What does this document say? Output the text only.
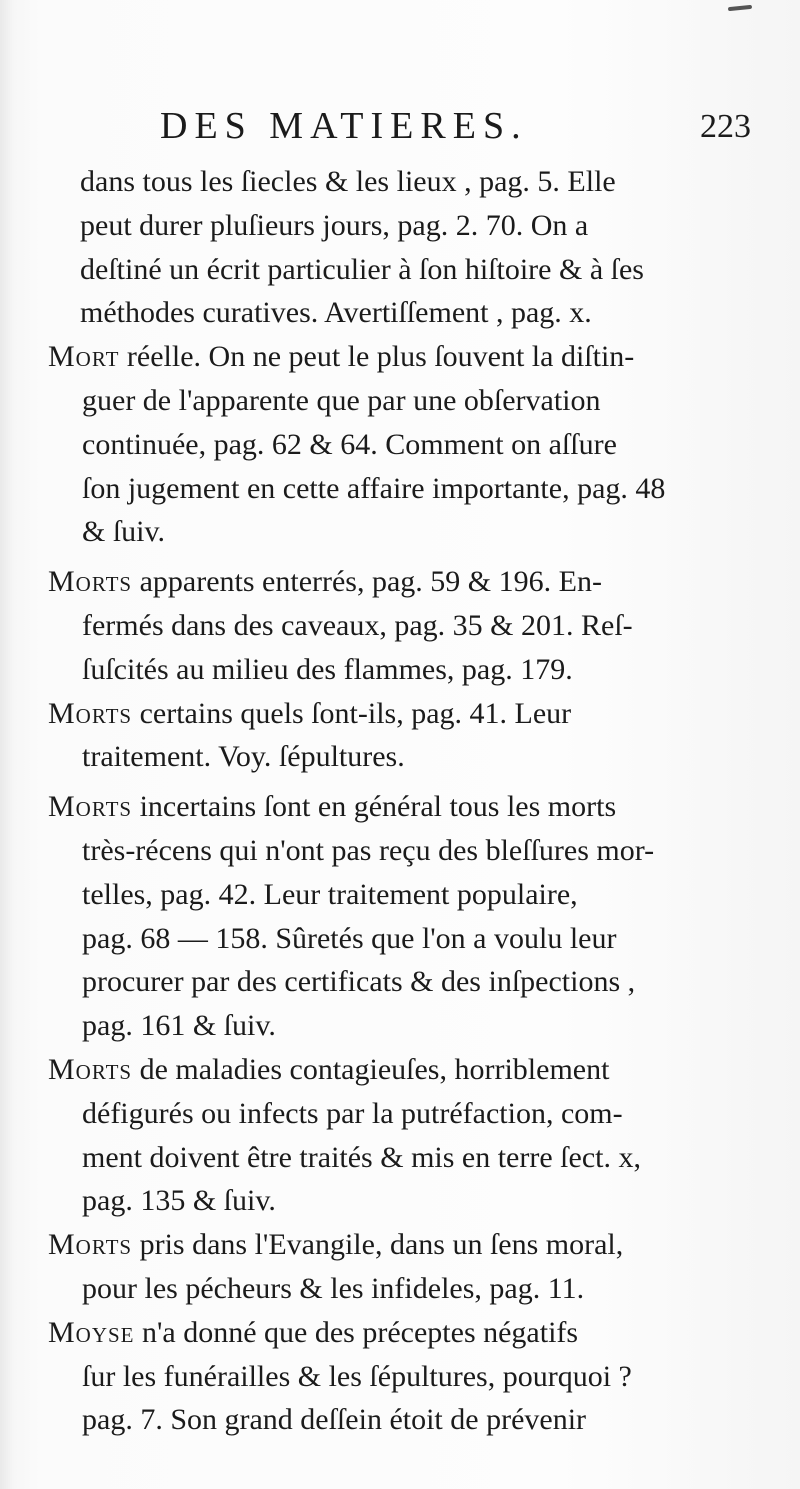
DES MATIERES.	223
dans tous les ſiecles & les lieux , pag. 5. Elle
peut durer pluſieurs jours, pag. 2. 70. On a
deſtiné un écrit particulier à ſon hiſtoire & à ſes
méthodes curatives. Avertiſſement , pag. x.
Mort réelle. On ne peut le plus ſouvent la diſtin-
guer de l'apparente que par une obſervation
continuée, pag. 62 & 64. Comment on aſſure
ſon jugement en cette affaire importante, pag. 48
& ſuiv.
Morts apparents enterrés, pag. 59 & 196. En-
fermés dans des caveaux, pag. 35 & 201. Reſ-
ſuſcités au milieu des flammes, pag. 179.
Morts certains quels ſont-ils, pag. 41. Leur
traitement. Voy. ſépultures.
Morts incertains ſont en général tous les morts
très-récens qui n'ont pas reçu des bleſſures mor-
telles, pag. 42. Leur traitement populaire,
pag. 68 — 158. Sûretés que l'on a voulu leur
procurer par des certificats & des inſpections ,
pag. 161 & ſuiv.
Morts de maladies contagieuſes, horriblement
défigurés ou infects par la putréfaction, com-
ment doivent être traités & mis en terre ſect. x,
pag. 135 & ſuiv.
Morts pris dans l'Evangile, dans un ſens moral,
pour les pécheurs & les infideles, pag. 11.
Moyse n'a donné que des préceptes négatifs
ſur les funérailles & les ſépultures, pourquoi ?
pag. 7. Son grand deſſein étoit de prévenir
